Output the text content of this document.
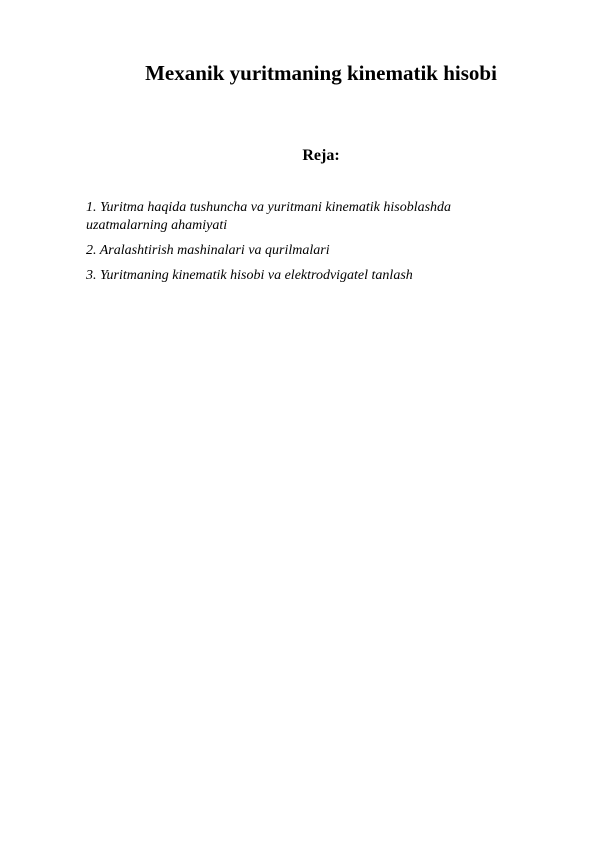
Mexanik yuritmaning kinematik hisobi
Reja:
1. Yuritma haqida tushuncha va yuritmani kinematik hisoblashda uzatmalarning ahamiyati
2. Aralashtirish mashinalari va qurilmalari
3. Yuritmaning kinematik hisobi va elektrodvigatel tanlash
